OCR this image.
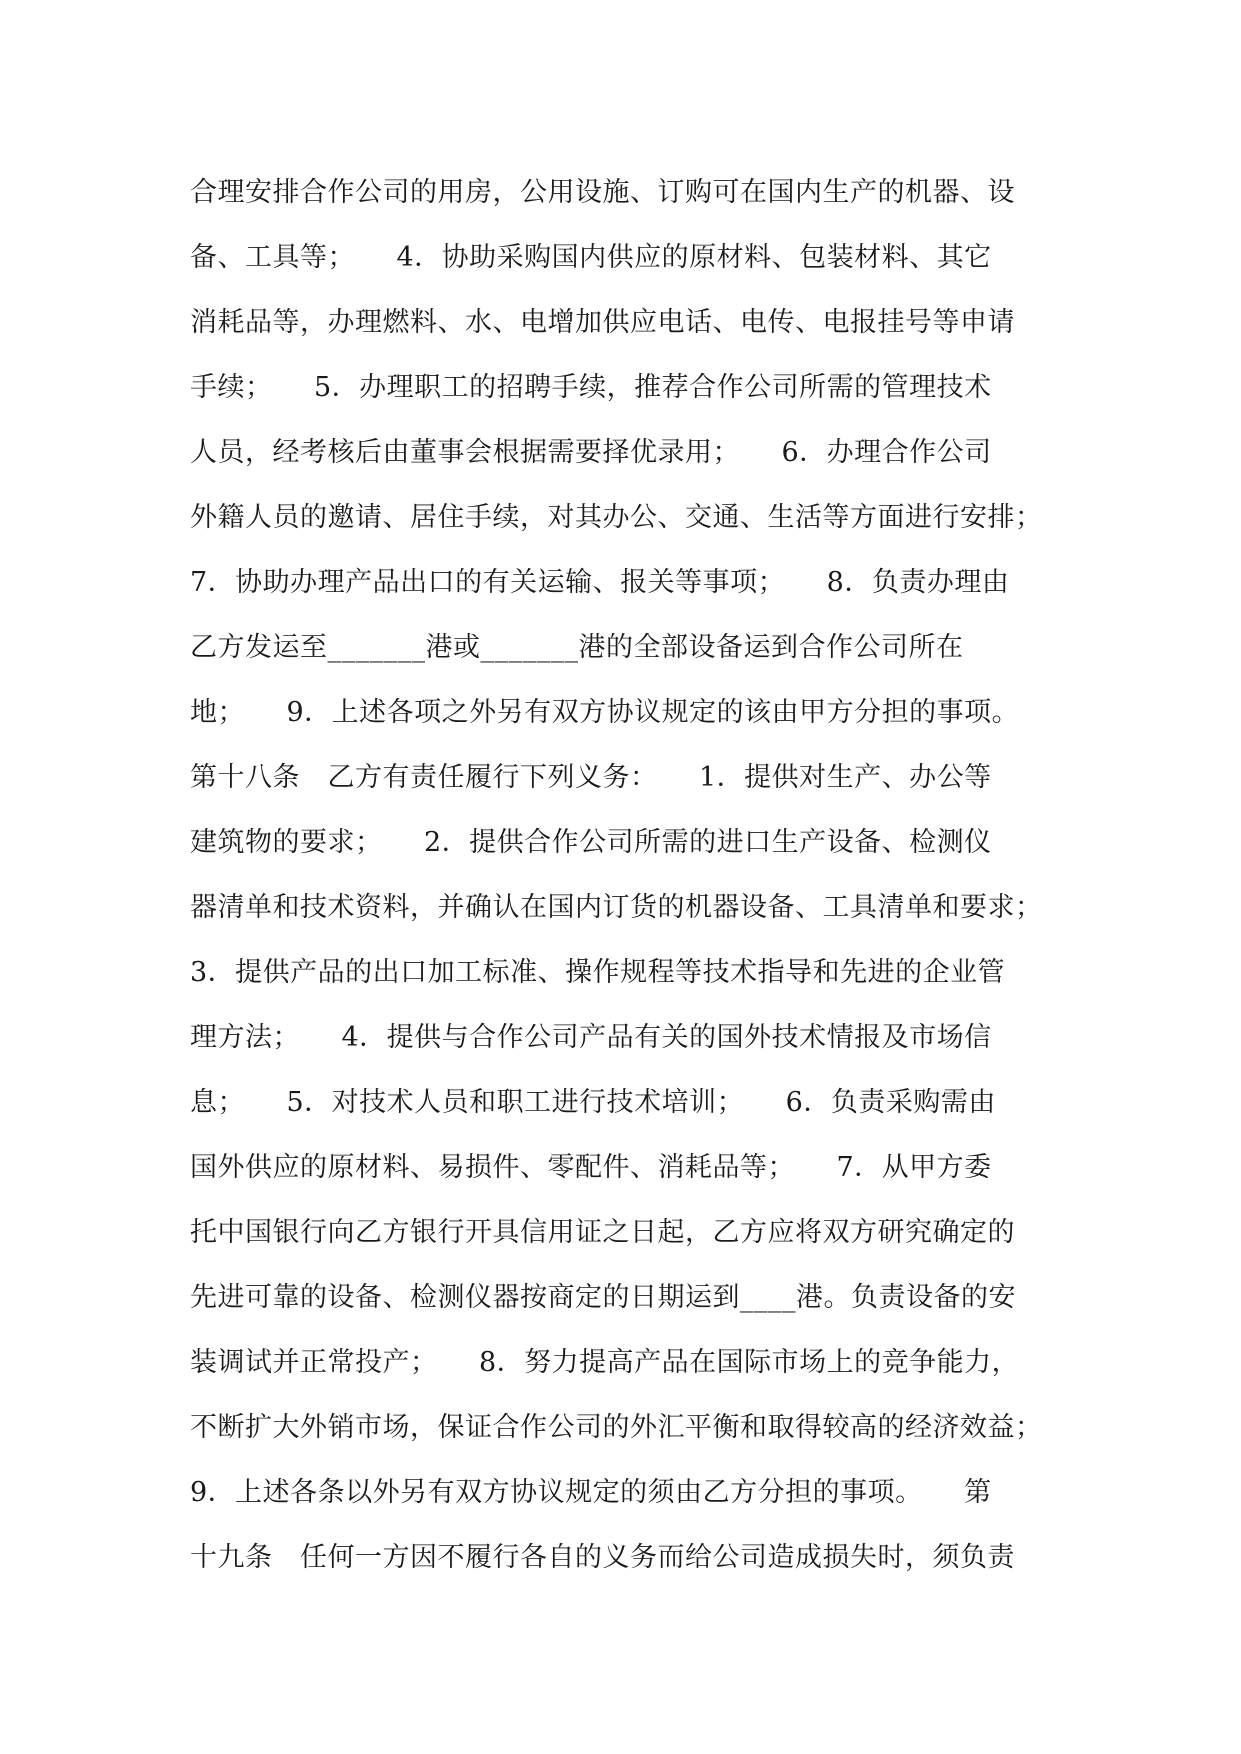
合理安排合作公司的用房，公用设施、订购可在国内生产的机器、设
备、工具等；　　4．协助采购国内供应的原材料、包装材料、其它
消耗品等，办理燃料、水、电增加供应电话、电传、电报挂号等申请
手续；　　5．办理职工的招聘手续，推荐合作公司所需的管理技术
人员，经考核后由董事会根据需要择优录用；　　6．办理合作公司
外籍人员的邀请、居住手续，对其办公、交通、生活等方面进行安排；
7．协助办理产品出口的有关运输、报关等事项；　　8．负责办理由
乙方发运至_______港或_______港的全部设备运到合作公司所在
地；　　9．上述各项之外另有双方协议规定的该由甲方分担的事项。
第十八条　乙方有责任履行下列义务：　　1．提供对生产、办公等
建筑物的要求；　　2．提供合作公司所需的进口生产设备、检测仪
器清单和技术资料，并确认在国内订货的机器设备、工具清单和要求；
3．提供产品的出口加工标准、操作规程等技术指导和先进的企业管
理方法；　　4．提供与合作公司产品有关的国外技术情报及市场信
息；　　5．对技术人员和职工进行技术培训；　　6．负责采购需由
国外供应的原材料、易损件、零配件、消耗品等；　　7．从甲方委
托中国银行向乙方银行开具信用证之日起，乙方应将双方研究确定的
先进可靠的设备、检测仪器按商定的日期运到____港。负责设备的安
装调试并正常投产；　　8．努力提高产品在国际市场上的竞争能力，
不断扩大外销市场，保证合作公司的外汇平衡和取得较高的经济效益；
9．上述各条以外另有双方协议规定的须由乙方分担的事项。　　第
十九条　任何一方因不履行各自的义务而给公司造成损失时，须负责
